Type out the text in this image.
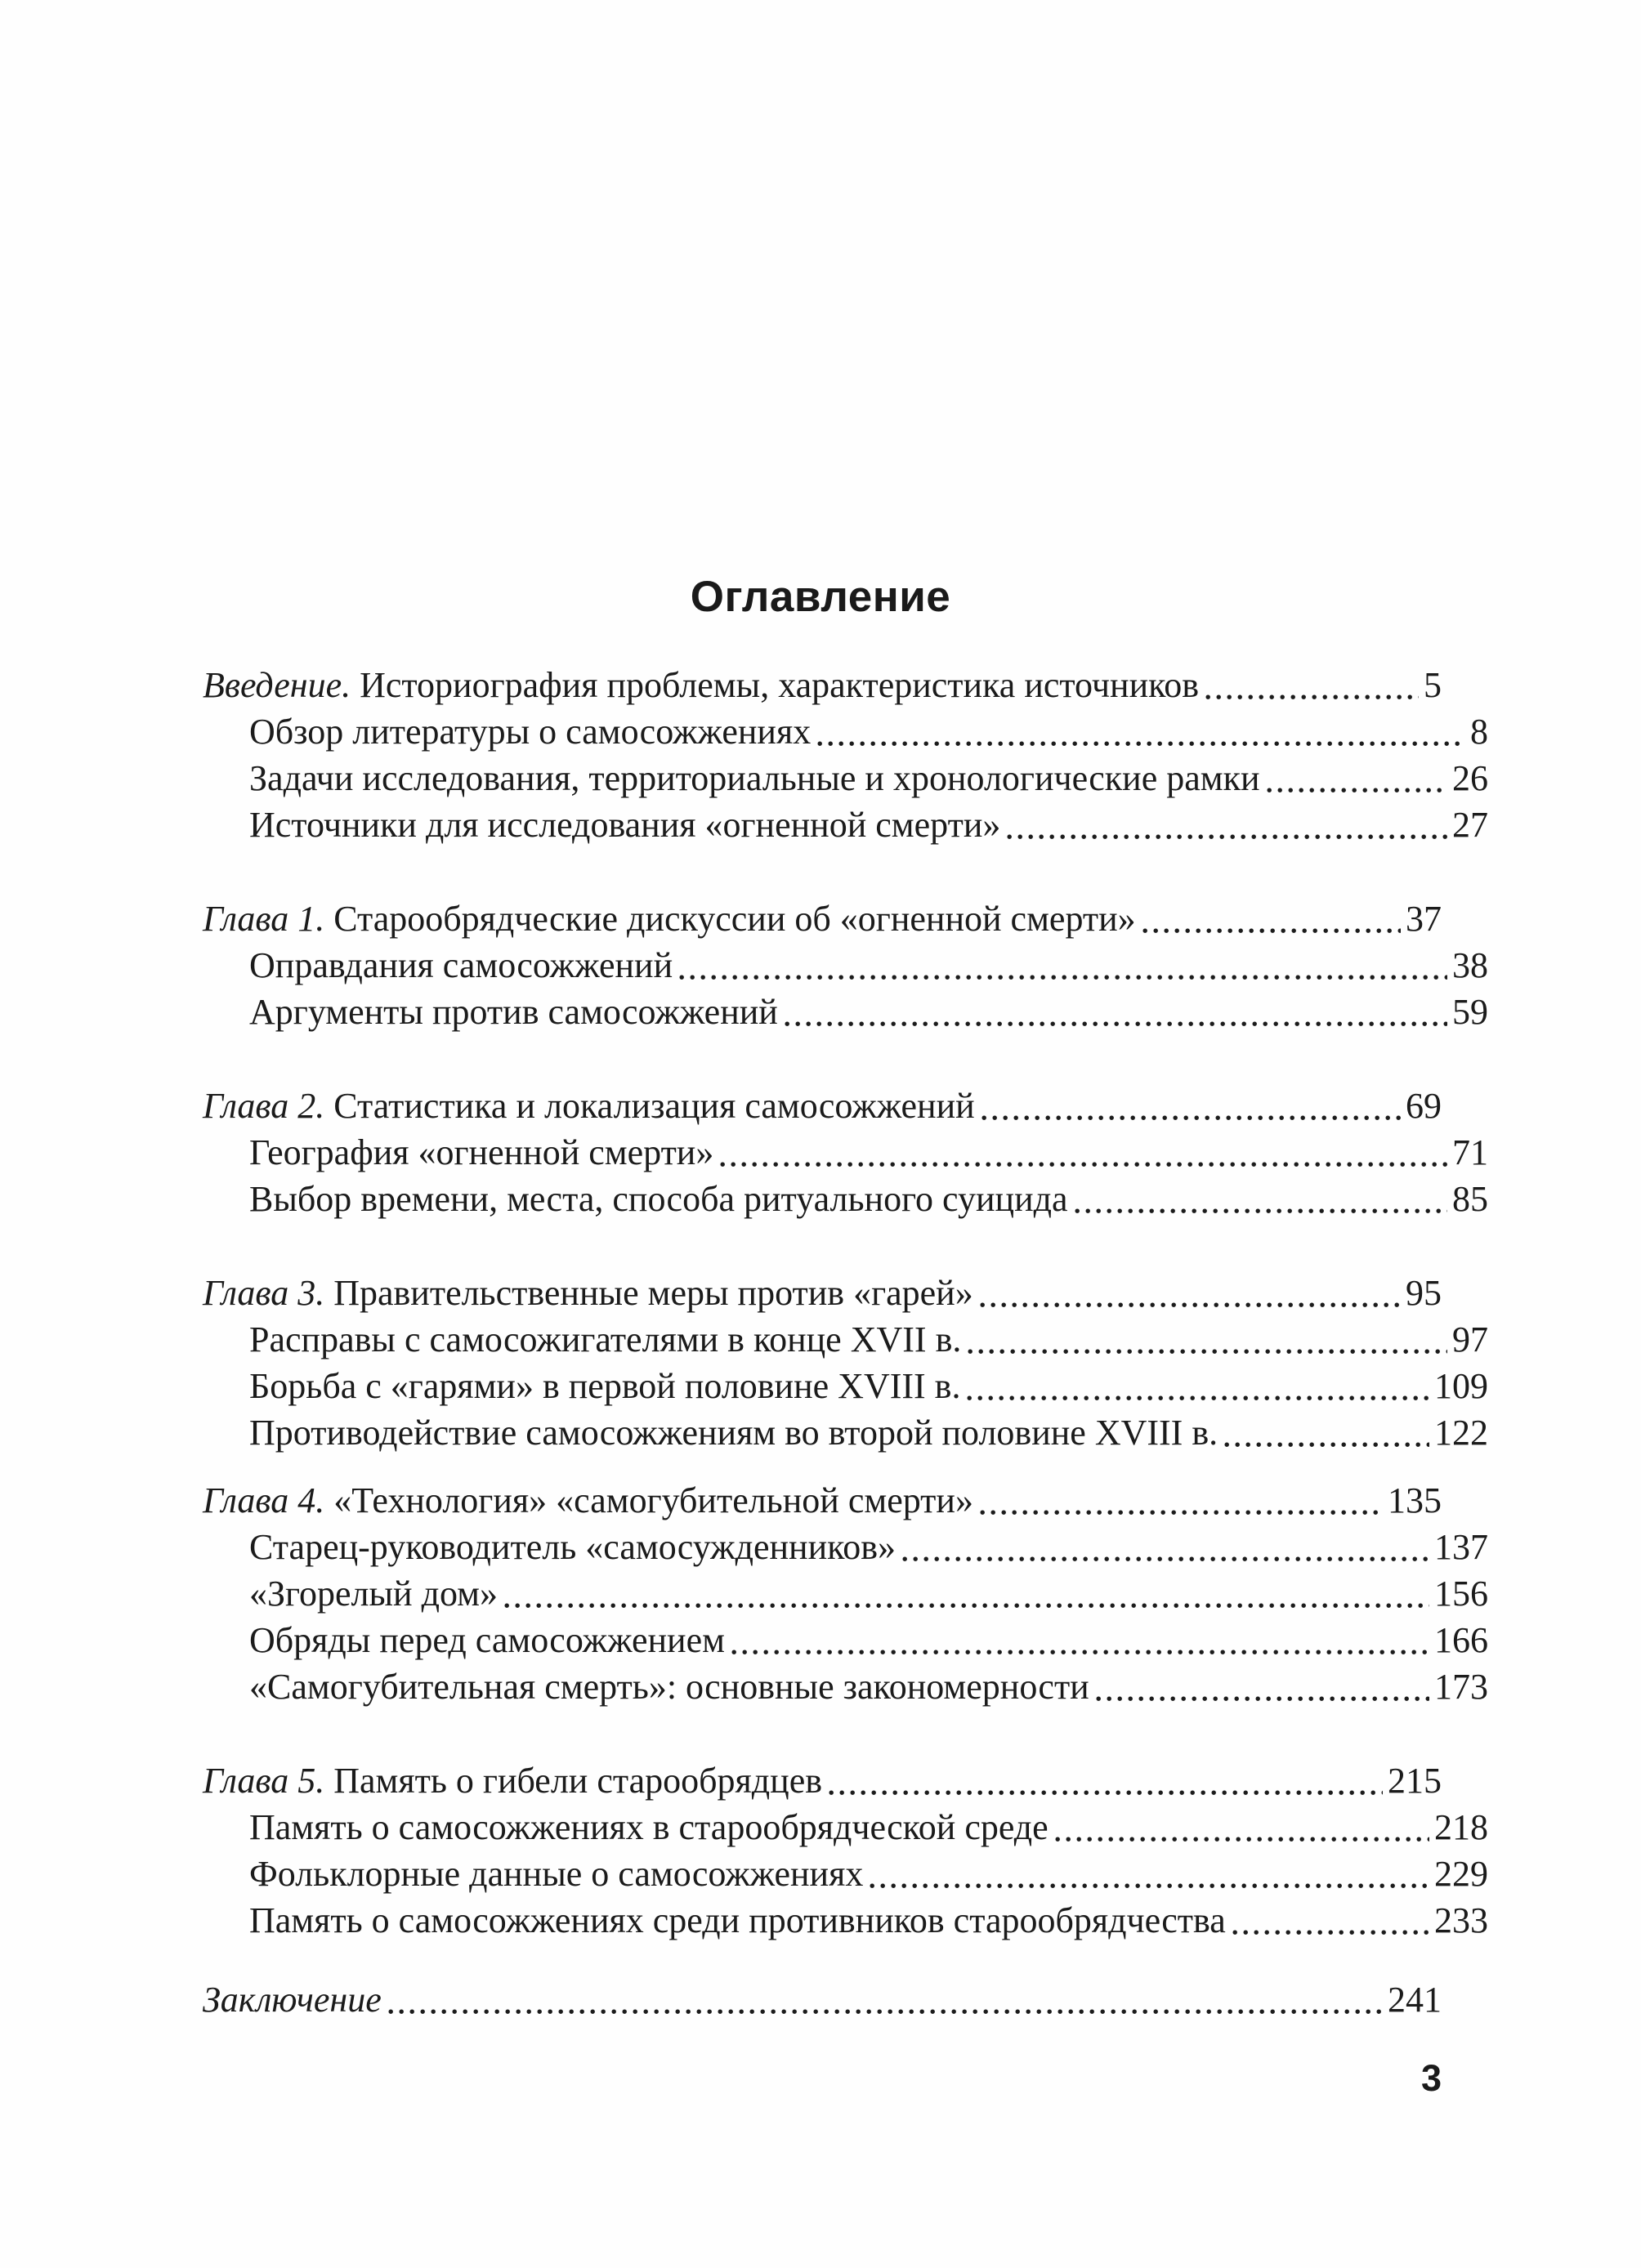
Оглавление
Введение. Историография проблемы, характеристика источников	5
Обзор литературы о самосожжениях	8
Задачи исследования, территориальные и хронологические рамки	26
Источники для исследования «огненной смерти»	27
Глава 1. Старообрядческие дискуссии об «огненной смерти»	37
Оправдания самосожжений	38
Аргументы против самосожжений	59
Глава 2. Статистика и локализация самосожжений	69
География «огненной смерти»	71
Выбор времени, места, способа ритуального суицида	85
Глава 3. Правительственные меры против «гарей»	95
Расправы с самосожигателями в конце XVII в.	97
Борьба с «гарями» в первой половине XVIII в.	109
Противодействие самосожжениям во второй половине XVIII в.	122
Глава 4. «Технология» «самогубительной смерти»	135
Старец-руководитель «самосужденников»	137
«Згорелый дом»	156
Обряды перед самосожжением	166
«Самогубительная смерть»: основные закономерности	173
Глава 5. Память о гибели старообрядцев	215
Память о самосожжениях в старообрядческой среде	218
Фольклорные данные о самосожжениях	229
Память о самосожжениях среди противников старообрядчества	233
Заключение	241
3
